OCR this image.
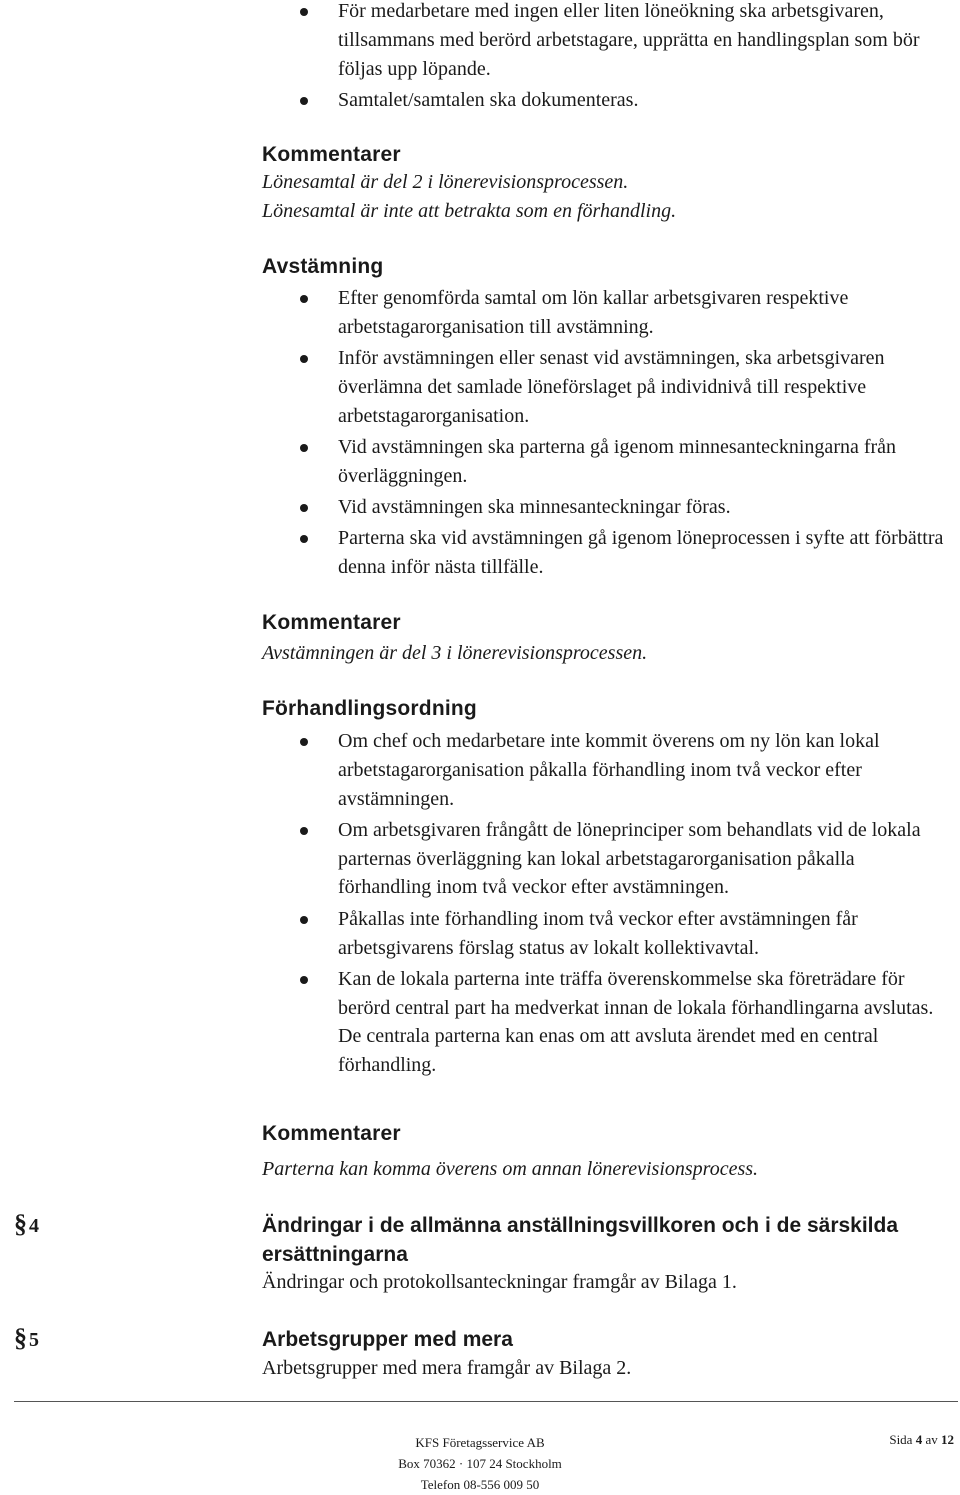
För medarbetare med ingen eller liten löneökning ska arbetsgivaren, tillsammans med berörd arbetstagare, upprätta en handlingsplan som bör följas upp löpande.
Samtalet/samtalen ska dokumenteras.
Kommentarer
Lönesamtal är del 2 i lönerevisionsprocessen.
Lönesamtal är inte att betrakta som en förhandling.
Avstämning
Efter genomförda samtal om lön kallar arbetsgivaren respektive arbetstagarorganisation till avstämning.
Inför avstämningen eller senast vid avstämningen, ska arbetsgivaren överlämna det samlade löneförslaget på individnivå till respektive arbetstagarorganisation.
Vid avstämningen ska parterna gå igenom minnesanteckningarna från överläggningen.
Vid avstämningen ska minnesanteckningar föras.
Parterna ska vid avstämningen gå igenom löneprocessen i syfte att förbättra denna inför nästa tillfälle.
Kommentarer
Avstämningen är del 3 i lönerevisionsprocessen.
Förhandlingsordning
Om chef och medarbetare inte kommit överens om ny lön kan lokal arbetstagarorganisation påkalla förhandling inom två veckor efter avstämningen.
Om arbetsgivaren frångått de löneprinciper som behandlats vid de lokala parternas överläggning kan lokal arbetstagarorganisation påkalla förhandling inom två veckor efter avstämningen.
Påkallas inte förhandling inom två veckor efter avstämningen får arbetsgivarens förslag status av lokalt kollektivavtal.
Kan de lokala parterna inte träffa överenskommelse ska företrädare för berörd central part ha medverkat innan de lokala förhandlingarna avslutas. De centrala parterna kan enas om att avsluta ärendet med en central förhandling.
Kommentarer
Parterna kan komma överens om annan lönerevisionsprocess.
§ 4	Ändringar i de allmänna anställningsvillkoren och i de särskilda ersättningarna
Ändringar och protokollsanteckningar framgår av Bilaga 1.
§ 5	Arbetsgrupper med mera
Arbetsgrupper med mera framgår av Bilaga 2.
KFS Företagsservice AB
Box 70362 · 107 24 Stockholm
Telefon 08-556 009 50
Sida 4 av 12
